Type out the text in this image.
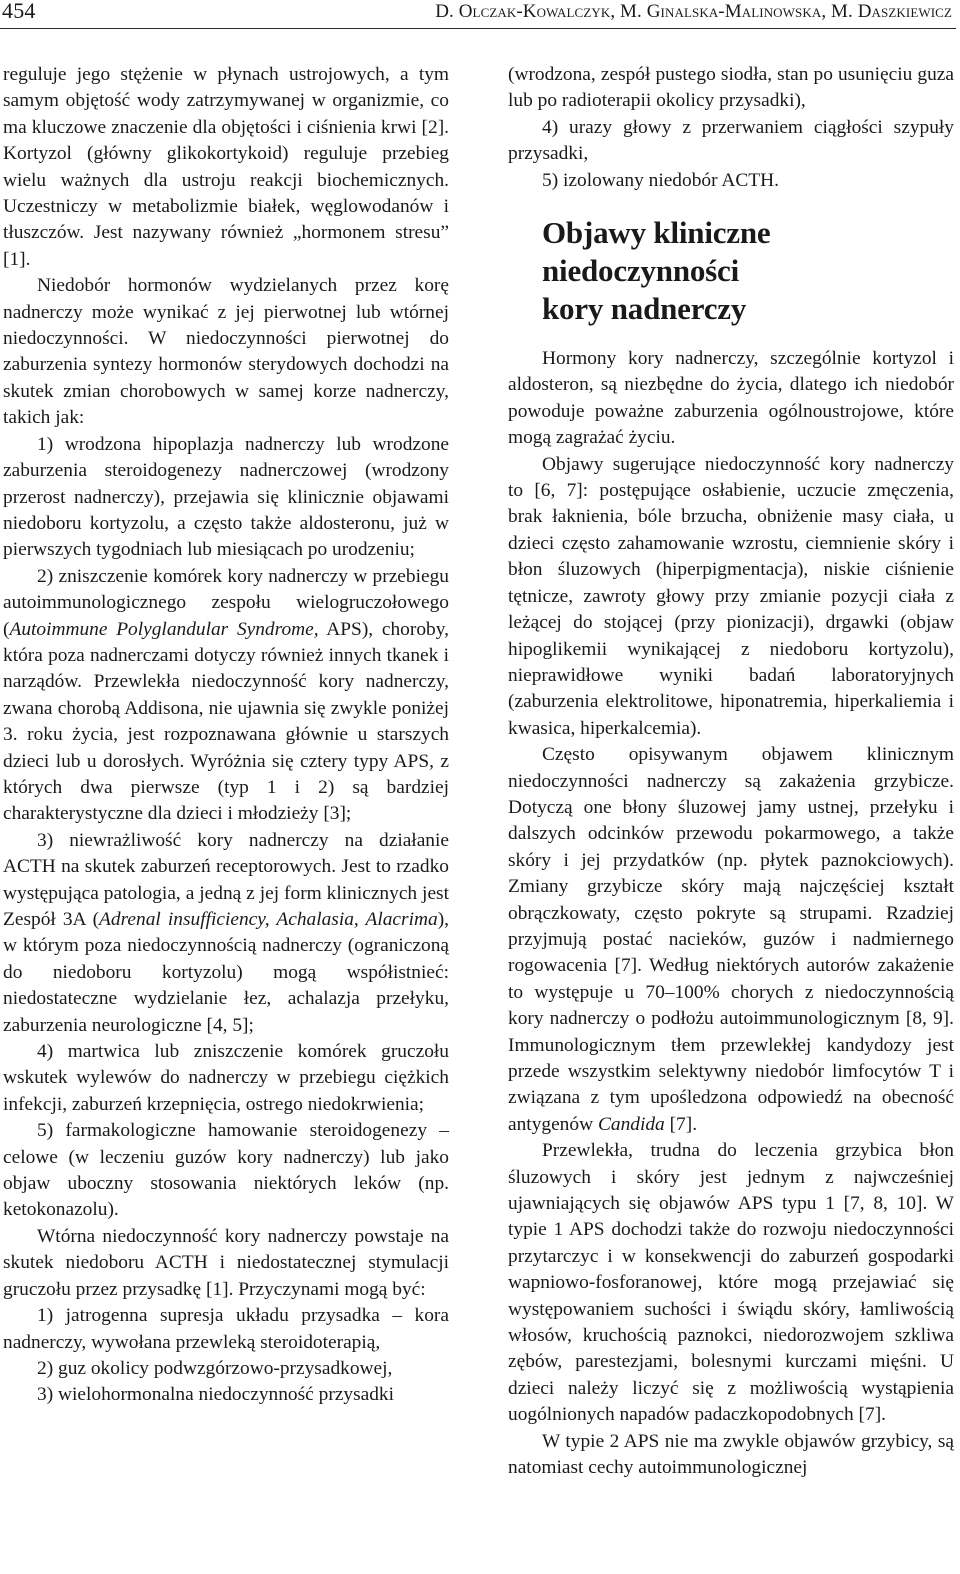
454	D. Olczak-Kowalczyk, M. Ginalska-Malinowska, M. Daszkiewicz

reguluje jego stężenie w płynach ustrojowych, a tym samym objętość wody zatrzymywanej w organizmie, co ma kluczowe znaczenie dla objętości i ciśnienia krwi [2]. Kortyzol (główny glikokortykoid) reguluje przebieg wielu ważnych dla ustroju reakcji biochemicznych. Uczestniczy w metabolizmie białek, węglowodanów i tłuszczów. Jest nazywany również „hormonem stresu” [1].

Niedobór hormonów wydzielanych przez korę nadnerczy może wynikać z jej pierwotnej lub wtórnej niedoczynności. W niedoczynności pierwotnej do zaburzenia syntezy hormonów sterydowych dochodzi na skutek zmian chorobowych w samej korze nadnerczy, takich jak:

1) wrodzona hipoplazja nadnerczy lub wrodzone zaburzenia steroidogenezy nadnerczowej (wrodzony przerost nadnerczy), przejawia się klinicznie objawami niedoboru kortyzolu, a często także aldosteronu, już w pierwszych tygodniach lub miesiącach po urodzeniu;

2) zniszczenie komórek kory nadnerczy w przebiegu autoimmunologicznego zespołu wielogruczołowego (Autoimmune Polyglandular Syndrome, APS), choroby, która poza nadnerczami dotyczy również innych tkanek i narządów. Przewlekła niedoczynność kory nadnerczy, zwana chorobą Addisona, nie ujawnia się zwykle poniżej 3. roku życia, jest rozpoznawana głównie u starszych dzieci lub u dorosłych. Wyróżnia się cztery typy APS, z których dwa pierwsze (typ 1 i 2) są bardziej charakterystyczne dla dzieci i młodzieży [3];

3) niewrażliwość kory nadnerczy na działanie ACTH na skutek zaburzeń receptorowych. Jest to rzadko występująca patologia, a jedną z jej form klinicznych jest Zespół 3A (Adrenal insufficiency, Achalasia, Alacrima), w którym poza niedoczynnością nadnerczy (ograniczoną do niedoboru kortyzolu) mogą współistnieć: niedostateczne wydzielanie łez, achalazja przełyku, zaburzenia neurologiczne [4, 5];

4) martwica lub zniszczenie komórek gruczołu wskutek wylewów do nadnerczy w przebiegu ciężkich infekcji, zaburzeń krzepnięcia, ostrego niedokrwienia;

5) farmakologiczne hamowanie steroidogenezy – celowe (w leczeniu guzów kory nadnerczy) lub jako objaw uboczny stosowania niektórych leków (np. ketokonazolu).

Wtórna niedoczynność kory nadnerczy powstaje na skutek niedoboru ACTH i niedostatecznej stymulacji gruczołu przez przysadkę [1]. Przyczynami mogą być:

1) jatrogenna supresja układu przysadka – kora nadnerczy, wywołana przewleką steroidoterapią,

2) guz okolicy podwzgórzowo-przysadkowej,

3) wielohormonalna niedoczynność przysadki

(wrodzona, zespół pustego siodła, stan po usunięciu guza lub po radioterapii okolicy przysadki),

4) urazy głowy z przerwaniem ciągłości szypuły przysadki,

5) izolowany niedobór ACTH.

Objawy kliniczne
niedoczynności
kory nadnerczy

Hormony kory nadnerczy, szczególnie kortyzol i aldosteron, są niezbędne do życia, dlatego ich niedobór powoduje poważne zaburzenia ogólnoustrojowe, które mogą zagrażać życiu.

Objawy sugerujące niedoczynność kory nadnerczy to [6, 7]: postępujące osłabienie, uczucie zmęczenia, brak łaknienia, bóle brzucha, obniżenie masy ciała, u dzieci często zahamowanie wzrostu, ciemnienie skóry i błon śluzowych (hiperpigmentacja), niskie ciśnienie tętnicze, zawroty głowy przy zmianie pozycji ciała z leżącej do stojącej (przy pionizacji), drgawki (objaw hipoglikemii wynikającej z niedoboru kortyzolu), nieprawidłowe wyniki badań laboratoryjnych (zaburzenia elektrolitowe, hiponatremia, hiperkaliemia i kwasica, hiperkalcemia).

Często opisywanym objawem klinicznym niedoczynności nadnerczy są zakażenia grzybicze. Dotyczą one błony śluzowej jamy ustnej, przełyku i dalszych odcinków przewodu pokarmowego, a także skóry i jej przydatków (np. płytek paznokciowych). Zmiany grzybicze skóry mają najczęściej kształt obrączkowaty, często pokryte są strupami. Rzadziej przyjmują postać nacieków, guzów i nadmiernego rogowacenia [7]. Według niektórych autorów zakażenie to występuje u 70–100% chorych z niedoczynnością kory nadnerczy o podłożu autoimmunologicznym [8, 9]. Immunologicznym tłem przewlekłej kandydozy jest przede wszystkim selektywny niedobór limfocytów T i związana z tym upośledzona odpowiedź na obecność antygenów Candida [7].

Przewlekła, trudna do leczenia grzybica błon śluzowych i skóry jest jednym z najwcześniej ujawniających się objawów APS typu 1 [7, 8, 10]. W typie 1 APS dochodzi także do rozwoju niedoczynności przytarczyc i w konsekwencji do zaburzeń gospodarki wapniowo-fosforanowej, które mogą przejawiać się występowaniem suchości i świądu skóry, łamliwością włosów, kruchością paznokci, niedorozwojem szkliwa zębów, parestezjami, bolesnymi kurczami mięśni. U dzieci należy liczyć się z możliwością wystąpienia uogólnionych napadów padaczkopodobnych [7].

W typie 2 APS nie ma zwykle objawów grzybicy, są natomiast cechy autoimmunologicznej
